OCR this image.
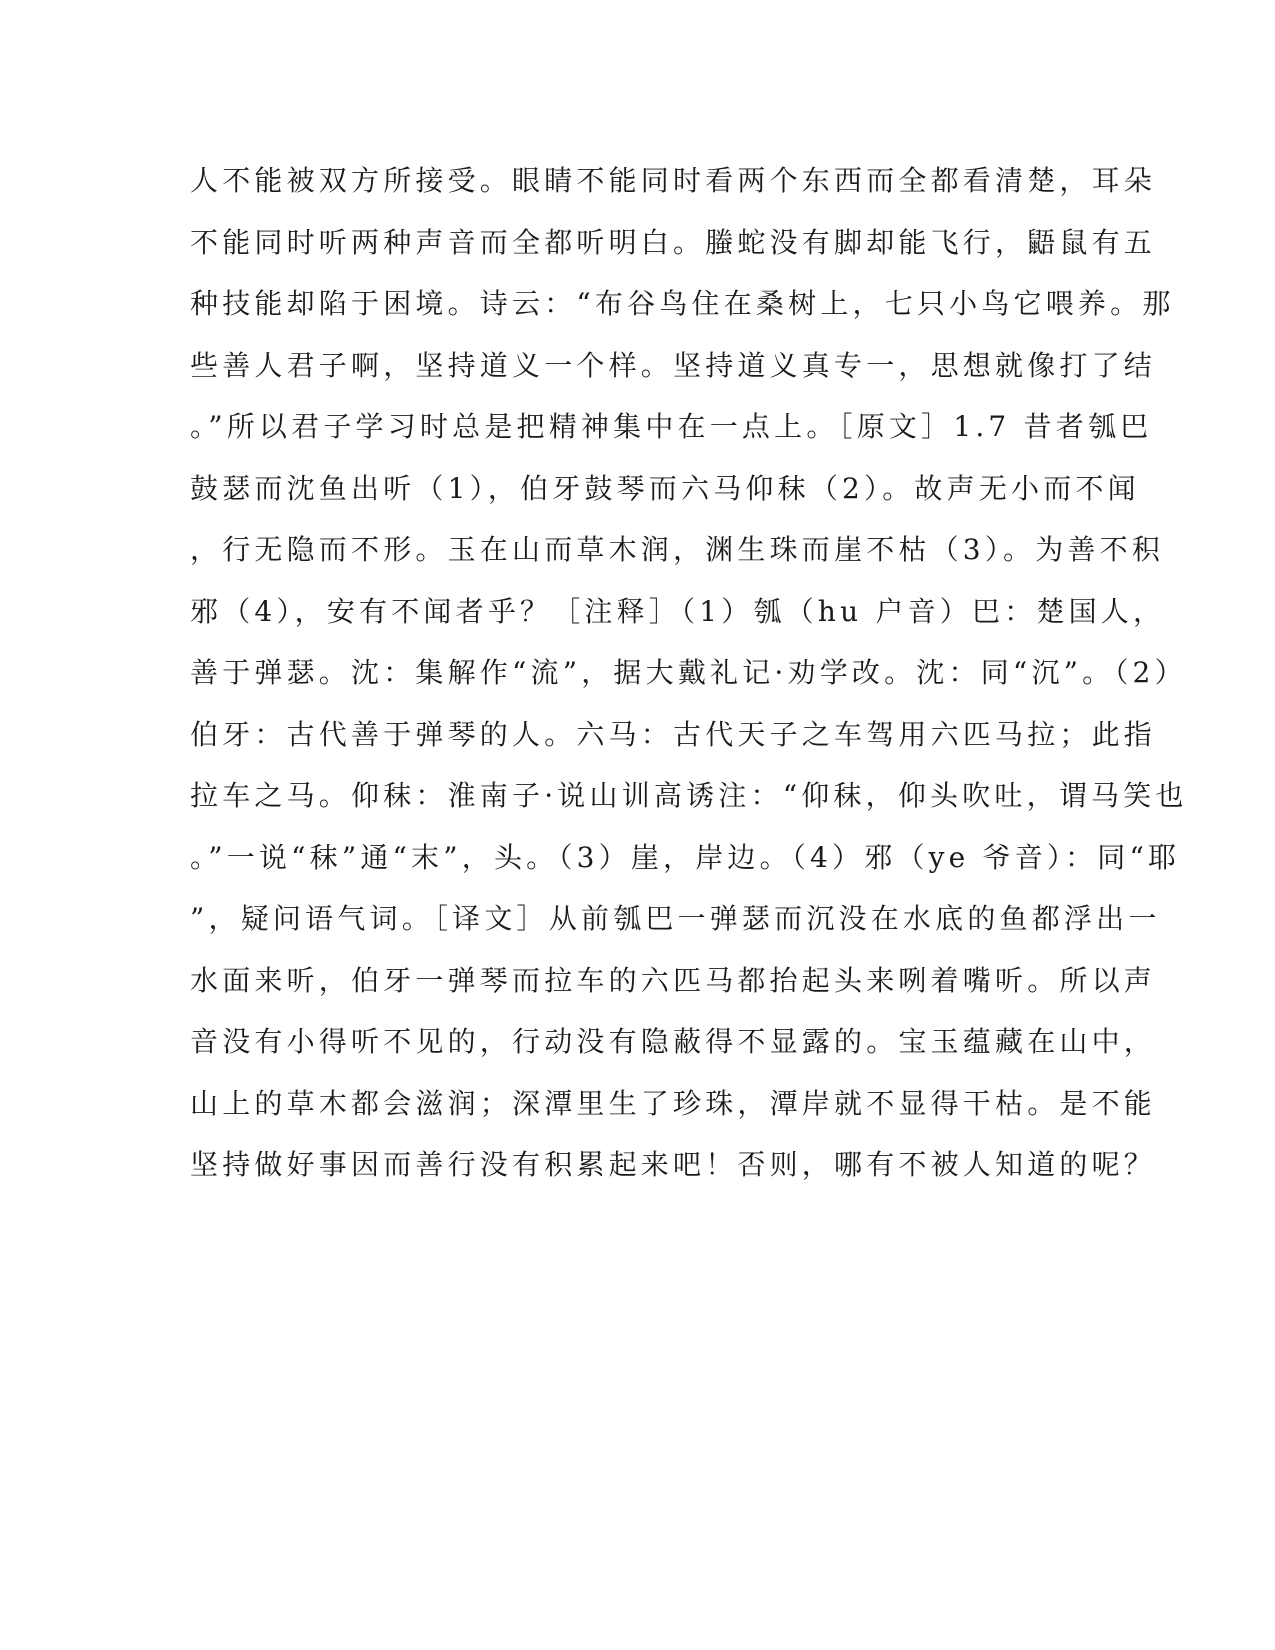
人不能被双方所接受。眼睛不能同时看两个东西而全都看清楚，耳朵
不能同时听两种声音而全都听明白。螣蛇没有脚却能飞行，鼯鼠有五
种技能却陷于困境。诗云：“布谷鸟住在桑树上，七只小鸟它喂养。那
些善人君子啊，坚持道义一个样。坚持道义真专一，思想就像打了结
。”所以君子学习时总是把精神集中在一点上。［原文］1.7 昔者瓠巴
鼓瑟而沈鱼出听（1），伯牙鼓琴而六马仰秣（2）。故声无小而不闻
，行无隐而不形。玉在山而草木润，渊生珠而崖不枯（3）。为善不积
邪（4），安有不闻者乎？［注释］（1）瓠（hu 户音）巴：楚国人，
善于弹瑟。沈：集解作“流”，据大戴礼记·劝学改。沈：同“沉”。（2）
伯牙：古代善于弹琴的人。六马：古代天子之车驾用六匹马拉；此指
拉车之马。仰秣：淮南子·说山训高诱注：“仰秣，仰头吹吐，谓马笑也
。”一说“秣”通“末”，头。（3）崖，岸边。（4）邪（ye 爷音）：同“耶
”，疑问语气词。［译文］从前瓠巴一弹瑟而沉没在水底的鱼都浮出一
水面来听，伯牙一弹琴而拉车的六匹马都抬起头来咧着嘴听。所以声
音没有小得听不见的，行动没有隐蔽得不显露的。宝玉蕴藏在山中，
山上的草木都会滋润；深潭里生了珍珠，潭岸就不显得干枯。是不能
坚持做好事因而善行没有积累起来吧！否则，哪有不被人知道的呢？
